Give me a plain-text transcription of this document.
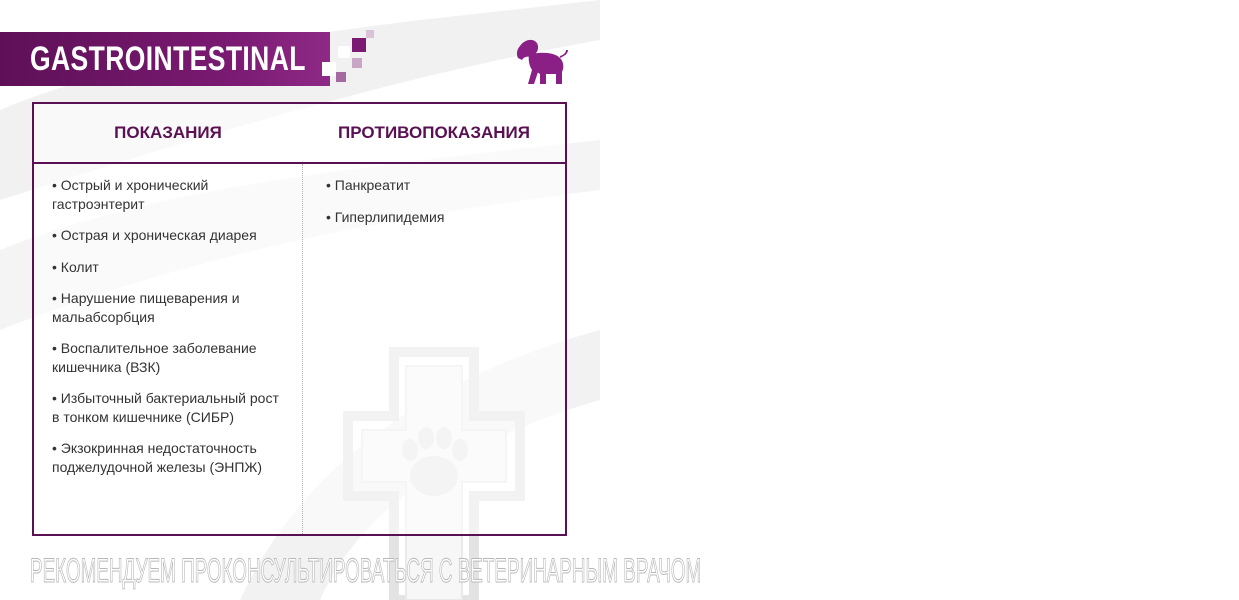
GASTROINTESTINAL
ПОКАЗАНИЯ	ПРОТИВОПОКАЗАНИЯ
• Острый и хронический гастроэнтерит
• Острая и хроническая диарея
• Колит
• Нарушение пищеварения и мальабсорбция
• Воспалительное заболевание кишечника (ВЗК)
• Избыточный бактериальный рост в тонком кишечнике (СИБР)
• Экзокринная недостаточность поджелудочной железы (ЭНПЖ)
• Панкреатит
• Гиперлипидемия
РЕКОМЕНДУЕМ ПРОКОНСУЛЬТИРОВАТЬСЯ С ВЕТЕРИНАРНЫМ ВРАЧОМ
